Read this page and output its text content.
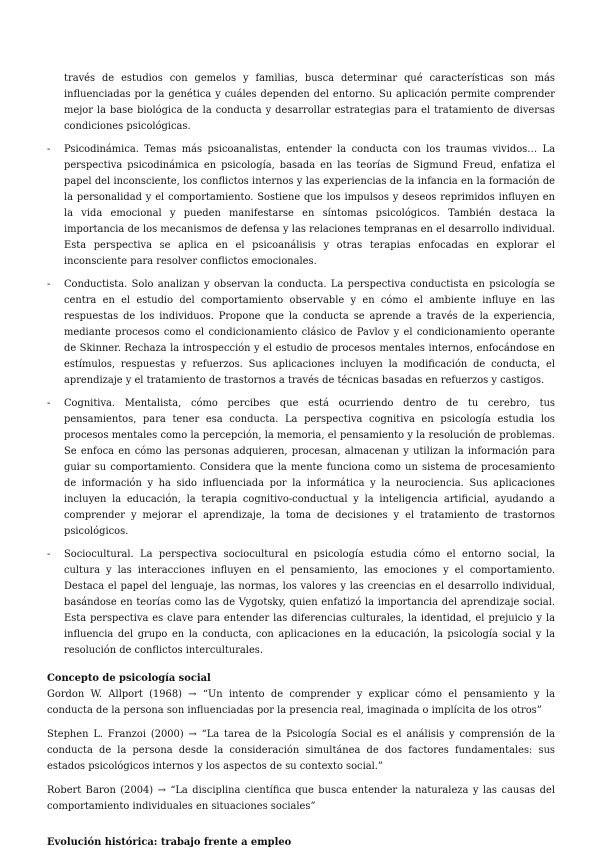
través de estudios con gemelos y familias, busca determinar qué características son más influenciadas por la genética y cuáles dependen del entorno. Su aplicación permite comprender mejor la base biológica de la conducta y desarrollar estrategias para el tratamiento de diversas condiciones psicológicas.

- Psicodinámica. Temas más psicoanalistas, entender la conducta con los traumas vividos… La perspectiva psicodinámica en psicología, basada en las teorías de Sigmund Freud, enfatiza el papel del inconsciente, los conflictos internos y las experiencias de la infancia en la formación de la personalidad y el comportamiento. Sostiene que los impulsos y deseos reprimidos influyen en la vida emocional y pueden manifestarse en síntomas psicológicos. También destaca la importancia de los mecanismos de defensa y las relaciones tempranas en el desarrollo individual. Esta perspectiva se aplica en el psicoanálisis y otras terapias enfocadas en explorar el inconsciente para resolver conflictos emocionales.
- Conductista. Solo analizan y observan la conducta. La perspectiva conductista en psicología se centra en el estudio del comportamiento observable y en cómo el ambiente influye en las respuestas de los individuos. Propone que la conducta se aprende a través de la experiencia, mediante procesos como el condicionamiento clásico de Pavlov y el condicionamiento operante de Skinner. Rechaza la introspección y el estudio de procesos mentales internos, enfocándose en estímulos, respuestas y refuerzos. Sus aplicaciones incluyen la modificación de conducta, el aprendizaje y el tratamiento de trastornos a través de técnicas basadas en refuerzos y castigos.
- Cognitiva. Mentalista, cómo percibes que está ocurriendo dentro de tu cerebro, tus pensamientos, para tener esa conducta. La perspectiva cognitiva en psicología estudia los procesos mentales como la percepción, la memoria, el pensamiento y la resolución de problemas. Se enfoca en cómo las personas adquieren, procesan, almacenan y utilizan la información para guiar su comportamiento. Considera que la mente funciona como un sistema de procesamiento de información y ha sido influenciada por la informática y la neurociencia. Sus aplicaciones incluyen la educación, la terapia cognitivo-conductual y la inteligencia artificial, ayudando a comprender y mejorar el aprendizaje, la toma de decisiones y el tratamiento de trastornos psicológicos.
- Sociocultural. La perspectiva sociocultural en psicología estudia cómo el entorno social, la cultura y las interacciones influyen en el pensamiento, las emociones y el comportamiento. Destaca el papel del lenguaje, las normas, los valores y las creencias en el desarrollo individual, basándose en teorías como las de Vygotsky, quien enfatizó la importancia del aprendizaje social. Esta perspectiva es clave para entender las diferencias culturales, la identidad, el prejuicio y la influencia del grupo en la conducta, con aplicaciones en la educación, la psicología social y la resolución de conflictos interculturales.

Concepto de psicología social

Gordon W. Allport (1968) → “Un intento de comprender y explicar cómo el pensamiento y la conducta de la persona son influenciadas por la presencia real, imaginada o implícita de los otros”

Stephen L. Franzoi (2000) → “La tarea de la Psicología Social es el análisis y comprensión de la conducta de la persona desde la consideración simultánea de dos factores fundamentales: sus estados psicológicos internos y los aspectos de su contexto social.”

Robert Baron (2004) → “La disciplina científica que busca entender la naturaleza y las causas del comportamiento individuales en situaciones sociales”

Evolución histórica: trabajo frente a empleo
